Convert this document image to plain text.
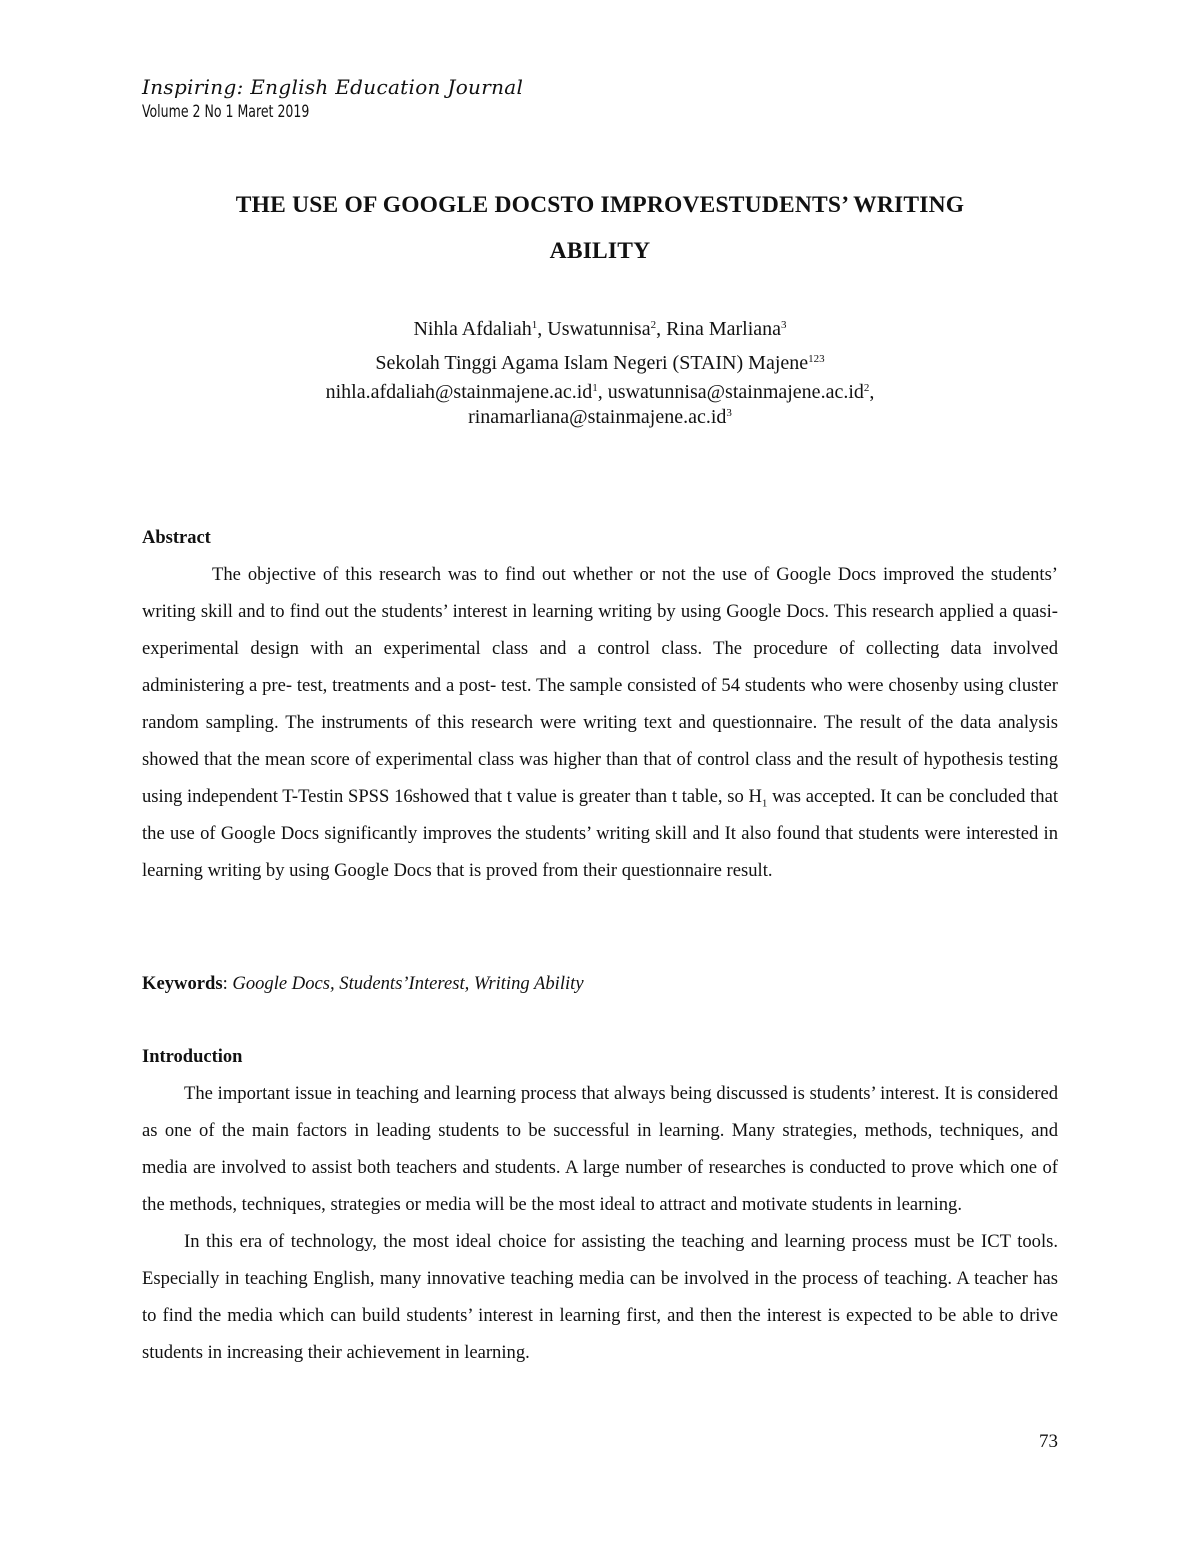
Inspiring: English Education Journal
Volume 2 No 1 Maret 2019
THE USE OF GOOGLE DOCSTO IMPROVESTUDENTS’ WRITING
ABILITY
Nihla Afdaliah$^1$, Uswatunnisa$^2$, Rina Marliana$^3$
Sekolah Tinggi Agama Islam Negeri (STAIN) Majene$^{123}$
$nihla.afdaliah@stainmajene.ac.id^1$, $uswatunnisa@stainmajene.ac.id^2$,
$rinamarliana@stainmajene.ac.id^3$
Abstract

The objective of this research was to find out whether or not the use of Google Docs improved the students’ writing skill and to find out the students’ interest in learning writing by using Google Docs. This research applied a quasi-experimental design with an experimental class and a control class. The procedure of collecting data involved administering a pre- test, treatments and a post- test. The sample consisted of 54 students who were chosenby using cluster random sampling. The instruments of this research were writing text and questionnaire. The result of the data analysis showed that the mean score of experimental class was higher than that of control class and the result of hypothesis testing using independent T-Testin SPSS 16showed that t value is greater than t table, so $H_1$ was accepted. It can be concluded that the use of Google Docs significantly improves the students’ writing skill and It also found that students were interested in learning writing by using Google Docs that is proved from their questionnaire result.

Keywords: Google Docs, Students’Interest, Writing Ability
Introduction

The important issue in teaching and learning process that always being discussed is students’ interest. It is considered as one of the main factors in leading students to be successful in learning. Many strategies, methods, techniques, and media are involved to assist both teachers and students. A large number of researches is conducted to prove which one of the methods, techniques, strategies or media will be the most ideal to attract and motivate students in learning.

In this era of technology, the most ideal choice for assisting the teaching and learning process must be ICT tools. Especially in teaching English, many innovative teaching media can be involved in the process of teaching. A teacher has to find the media which can build students’ interest in learning first, and then the interest is expected to be able to drive students in increasing their achievement in learning.

73
